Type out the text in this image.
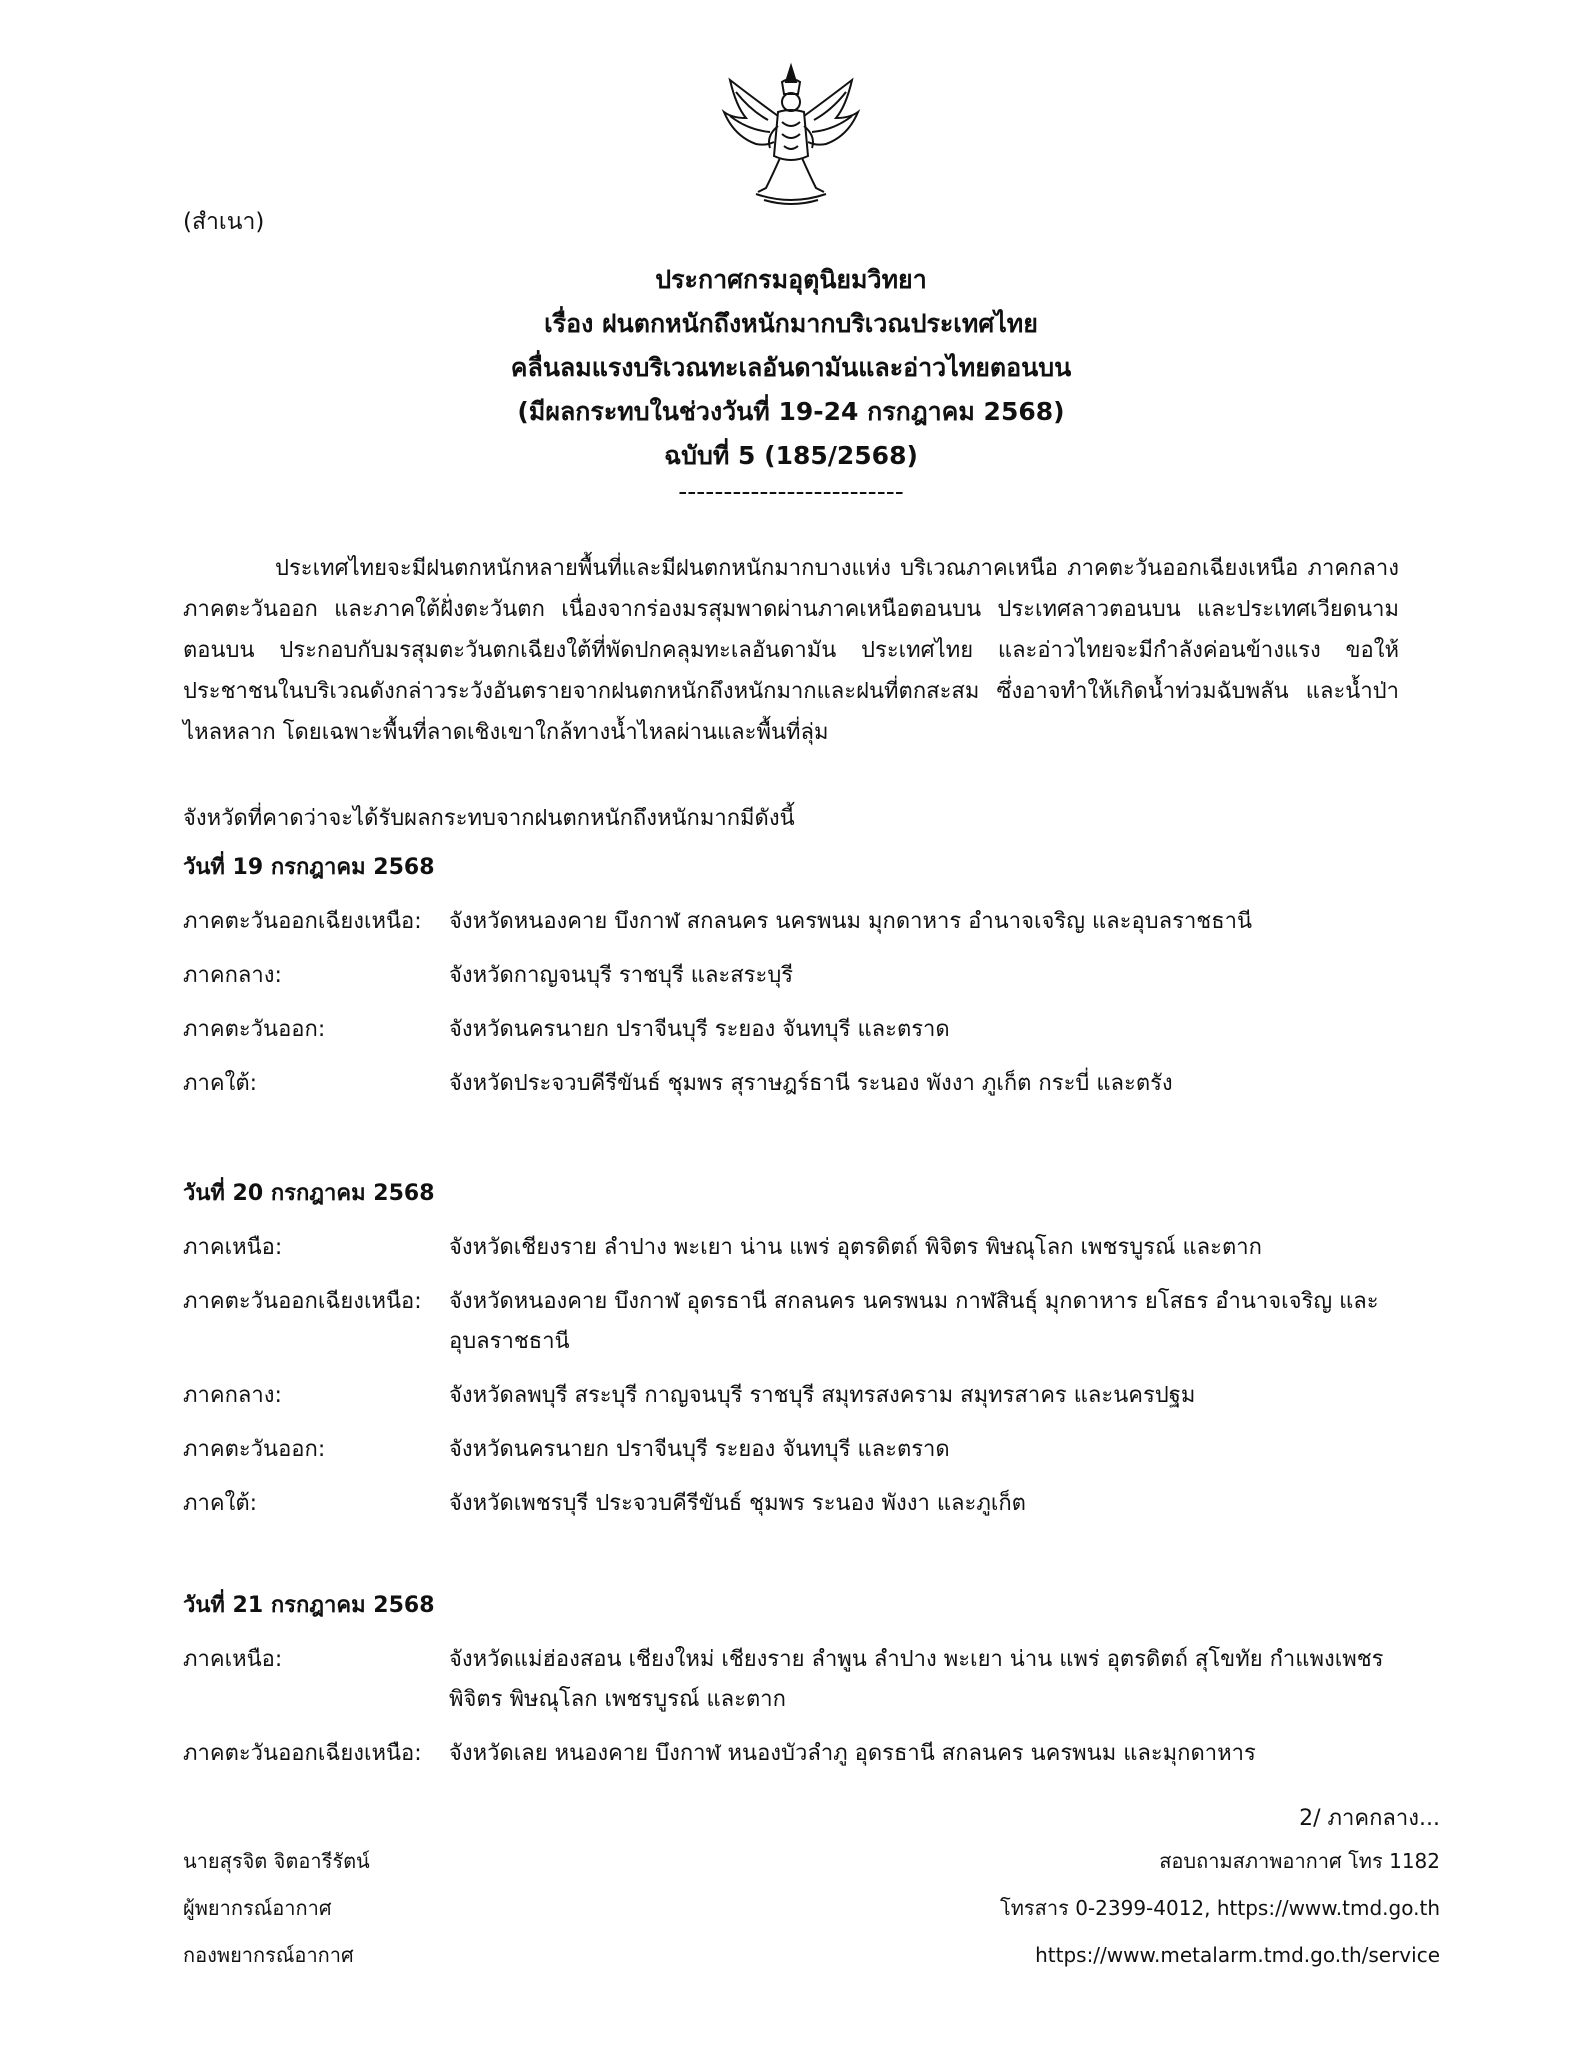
(สำเนา)
ประกาศกรมอุตุนิยมวิทยา
เรื่อง ฝนตกหนักถึงหนักมากบริเวณประเทศไทย
คลื่นลมแรงบริเวณทะเลอันดามันและอ่าวไทยตอนบน
(มีผลกระทบในช่วงวันที่ 19-24 กรกฎาคม 2568)
ฉบับที่ 5 (185/2568)
-------------------------
ประเทศไทยจะมีฝนตกหนักหลายพื้นที่และมีฝนตกหนักมากบางแห่ง บริเวณภาคเหนือ ภาคตะวันออกเฉียงเหนือ ภาคกลาง ภาคตะวันออก และภาคใต้ฝั่งตะวันตก เนื่องจากร่องมรสุมพาดผ่านภาคเหนือตอนบน ประเทศลาวตอนบน และประเทศเวียดนามตอนบน ประกอบกับมรสุมตะวันตกเฉียงใต้ที่พัดปกคลุมทะเลอันดามัน ประเทศไทย และอ่าวไทยจะมีกำลังค่อนข้างแรง ขอให้ประชาชนในบริเวณดังกล่าวระวังอันตรายจากฝนตกหนักถึงหนักมากและฝนที่ตกสะสม ซึ่งอาจทำให้เกิดน้ำท่วมฉับพลัน และน้ำป่าไหลหลาก โดยเฉพาะพื้นที่ลาดเชิงเขาใกล้ทางน้ำไหลผ่านและพื้นที่ลุ่ม
จังหวัดที่คาดว่าจะได้รับผลกระทบจากฝนตกหนักถึงหนักมากมีดังนี้
วันที่ 19 กรกฎาคม 2568
ภาคตะวันออกเฉียงเหนือ:	จังหวัดหนองคาย บึงกาฬ สกลนคร นครพนม มุกดาหาร อำนาจเจริญ และอุบลราชธานี
ภาคกลาง:	จังหวัดกาญจนบุรี ราชบุรี และสระบุรี
ภาคตะวันออก:	จังหวัดนครนายก ปราจีนบุรี ระยอง จันทบุรี และตราด
ภาคใต้:	จังหวัดประจวบคีรีขันธ์ ชุมพร สุราษฎร์ธานี ระนอง พังงา ภูเก็ต กระบี่ และตรัง
วันที่ 20 กรกฎาคม 2568
ภาคเหนือ:	จังหวัดเชียงราย ลำปาง พะเยา น่าน แพร่ อุตรดิตถ์ พิจิตร พิษณุโลก เพชรบูรณ์ และตาก
ภาคตะวันออกเฉียงเหนือ:	จังหวัดหนองคาย บึงกาฬ อุดรธานี สกลนคร นครพนม กาฬสินธุ์ มุกดาหาร ยโสธร อำนาจเจริญ และอุบลราชธานี
ภาคกลาง:	จังหวัดลพบุรี สระบุรี กาญจนบุรี ราชบุรี สมุทรสงคราม สมุทรสาคร และนครปฐม
ภาคตะวันออก:	จังหวัดนครนายก ปราจีนบุรี ระยอง จันทบุรี และตราด
ภาคใต้:	จังหวัดเพชรบุรี ประจวบคีรีขันธ์ ชุมพร ระนอง พังงา และภูเก็ต
วันที่ 21 กรกฎาคม 2568
ภาคเหนือ:	จังหวัดแม่ฮ่องสอน เชียงใหม่ เชียงราย ลำพูน ลำปาง พะเยา น่าน แพร่ อุตรดิตถ์ สุโขทัย กำแพงเพชร พิจิตร พิษณุโลก เพชรบูรณ์ และตาก
ภาคตะวันออกเฉียงเหนือ:	จังหวัดเลย หนองคาย บึงกาฬ หนองบัวลำภู อุดรธานี สกลนคร นครพนม และมุกดาหาร
2/ ภาคกลาง...
นายสุรจิต จิตอารีรัตน์
ผู้พยากรณ์อากาศ
กองพยากรณ์อากาศ
สอบถามสภาพอากาศ โทร 1182
โทรสาร 0-2399-4012, https://www.tmd.go.th
https://www.metalarm.tmd.go.th/service
